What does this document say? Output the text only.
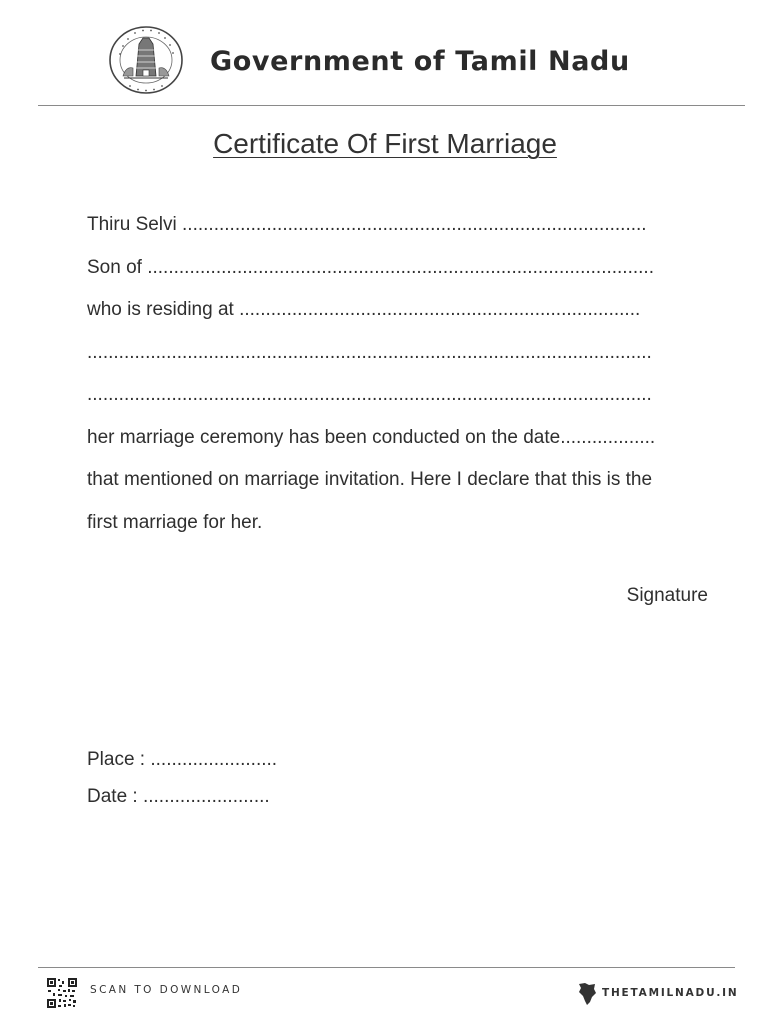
Government of Tamil Nadu
Certificate Of First Marriage
Thiru Selvi ........................................................................................
Son of ................................................................................................
who is residing at ............................................................................
...........................................................................................................
...........................................................................................................
her marriage ceremony has been conducted on the date..................
that mentioned on marriage invitation. Here I declare that this is the
first marriage for her.
Signature
Place : ........................
Date : ........................
SCAN TO DOWNLOAD	THETAMILNADU.IN
